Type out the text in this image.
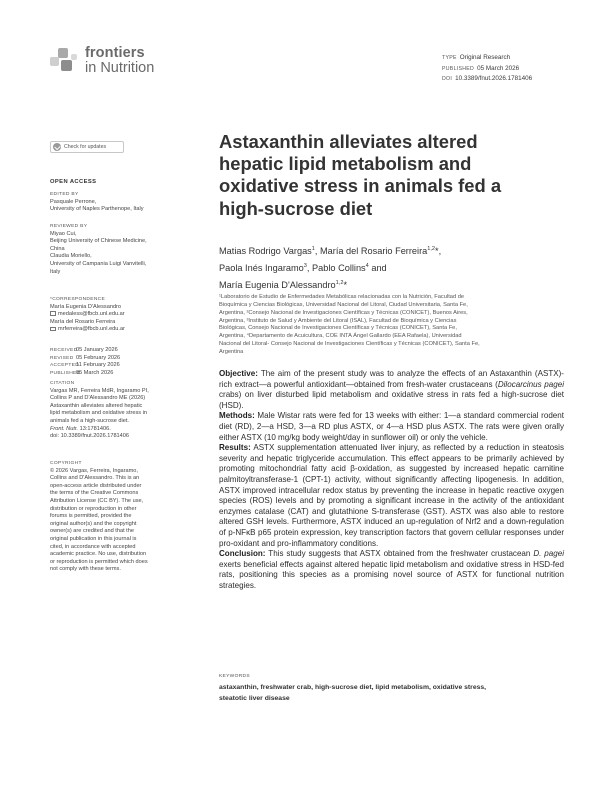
frontiers
in Nutrition
TYPE Original Research
PUBLISHED 05 March 2026
DOI 10.3389/fnut.2026.1781406
Check for updates
OPEN ACCESS
EDITED BY
Pasquale Perrone,
University of Naples Parthenope, Italy
REVIEWED BY
Miyao Cui,
Beijing University of Chinese Medicine,
China
Claudia Moriello,
University of Campania Luigi Vanvitelli,
Italy
*CORRESPONDENCE
María Eugenia D'Alessandro
medaless@fbcb.unl.edu.ar
María del Rosario Ferreira
mrferreira@fbcb.unl.edu.ar
RECEIVED05 January 2026
REVISED 05 February 2026
ACCEPTED11 February 2026
PUBLISHED05 March 2026
CITATION
Vargas MR, Ferreira MdR, Ingaramo PI,
Collins P and D'Alessandro ME (2026)
Astaxanthin alleviates altered hepatic
lipid metabolism and oxidative stress in
animals fed a high-sucrose diet.
Front. Nutr. 13:1781406.
doi: 10.3389/fnut.2026.1781406
COPYRIGHT
© 2026 Vargas, Ferreira, Ingaramo,
Collins and D'Alessandro. This is an
open-access article distributed under
the terms of the Creative Commons
Attribution License (CC BY). The use,
distribution or reproduction in other
forums is permitted, provided the
original author(s) and the copyright
owner(s) are credited and that the
original publication in this journal is
cited, in accordance with accepted
academic practice. No use, distribution
or reproduction is permitted which does
not comply with these terms.
Astaxanthin alleviates altered
hepatic lipid metabolism and
oxidative stress in animals fed a
high-sucrose diet
Matias Rodrigo Vargas$^1$, María del Rosario Ferreira$^{1,2}$*,
Paola Inés Ingaramo$^3$, Pablo Collins$^4$ and
María Eugenia D'Alessandro$^{1,2}$*
¹Laboratorio de Estudio de Enfermedades Metabólicas relacionadas con la Nutrición, Facultad de
Bioquímica y Ciencias Biológicas, Universidad Nacional del Litoral, Ciudad Universitaria, Santa Fe,
Argentina, ²Consejo Nacional de Investigaciones Científicas y Técnicas (CONICET), Buenos Aires,
Argentina, ³Instituto de Salud y Ambiente del Litoral (ISAL), Facultad de Bioquímica y Ciencias
Biológicas, Consejo Nacional de Investigaciones Científicas y Técnicas (CONICET), Santa Fe,
Argentina, ⁴Departamento de Acuicultura, COE INTA Ángel Gallardo (EEA Rafaela), Universidad
Nacional del Litoral- Consejo Nacional de Investigaciones Científicas y Técnicas (CONICET), Santa Fe,
Argentina

Objective: The aim of the present study was to analyze the effects of an Astaxanthin (ASTX)- rich extract—a powerful antioxidant—obtained from fresh-water crustaceans (Dilocarcinus pagei crabs) on liver disturbed lipid metabolism and oxidative stress in rats fed a high-sucrose diet (HSD).

Methods: Male Wistar rats were fed for 13 weeks with either: 1—a standard commercial rodent diet (RD), 2—a HSD, 3—a RD plus ASTX, or 4—a HSD plus ASTX. The rats were given orally either ASTX (10 mg/kg body weight/day in sunflower oil) or only the vehicle.

Results: ASTX supplementation attenuated liver injury, as reflected by a reduction in steatosis severity and hepatic triglyceride accumulation. This effect appears to be primarily achieved by promoting mitochondrial fatty acid β-oxidation, as suggested by increased hepatic carnitine palmitoyltransferase-1 (CPT-1) activity, without significantly affecting lipogenesis. In addition, ASTX improved intracellular redox status by preventing the increase in hepatic reactive oxygen species (ROS) levels and by promoting a significant increase in the activity of the antioxidant enzymes catalase (CAT) and glutathione S-transferase (GST). ASTX was also able to restore altered GSH levels. Furthermore, ASTX induced an up-regulation of Nrf2 and a down-regulation of p-NFκB p65 protein expression, key transcription factors that govern cellular responses under pro-oxidant and pro-inflammatory conditions.

Conclusion: This study suggests that ASTX obtained from the freshwater crustacean D. pagei exerts beneficial effects against altered hepatic lipid metabolism and oxidative stress in HSD-fed rats, positioning this species as a promising novel source of ASTX for functional nutrition strategies.

KEYWORDS
astaxanthin, freshwater crab, high-sucrose diet, lipid metabolism, oxidative stress,
steatotic liver disease
